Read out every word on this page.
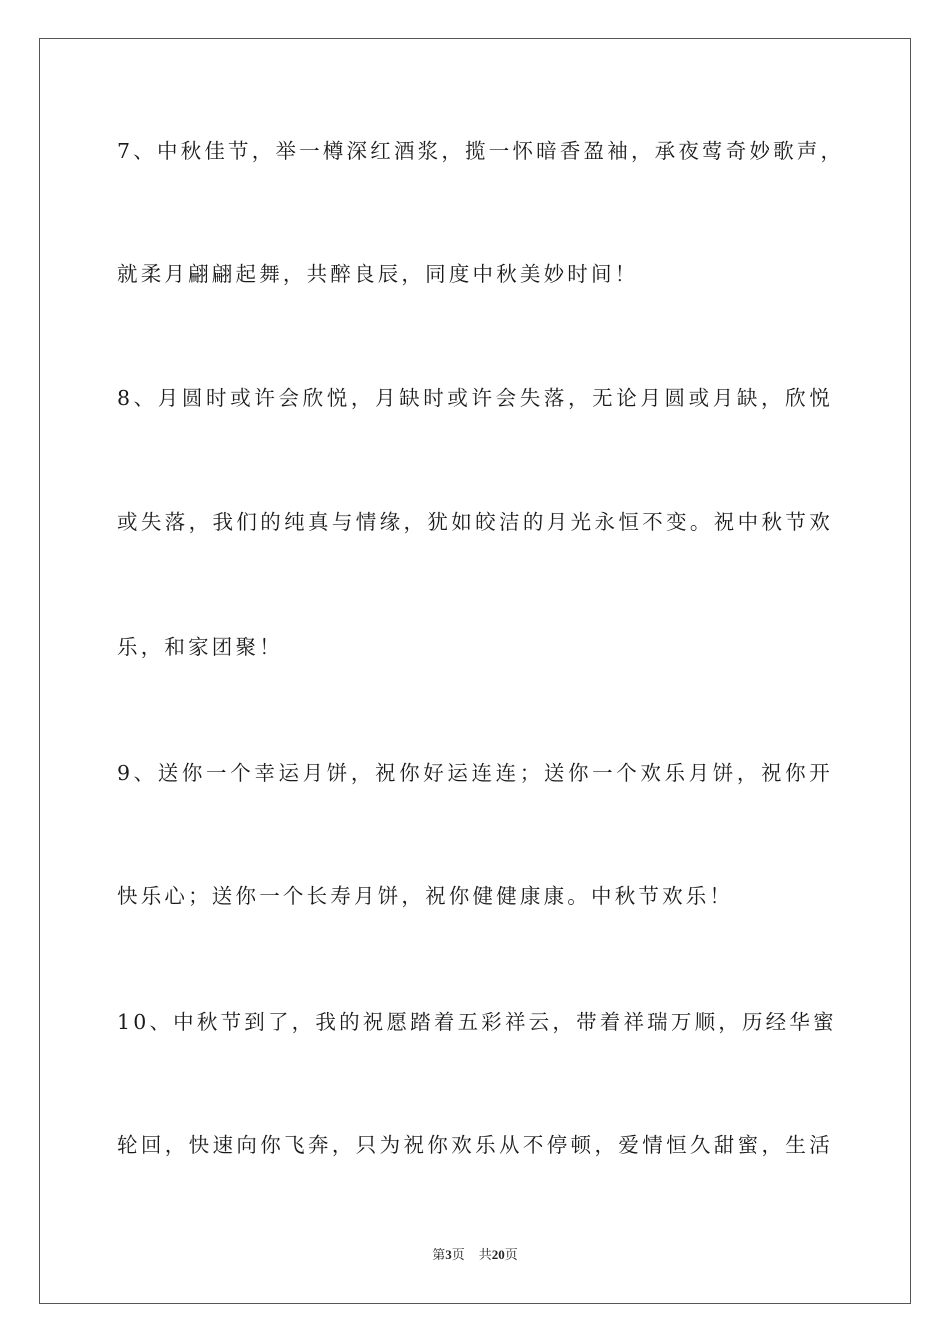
7、中秋佳节，举一樽深红酒浆，揽一怀暗香盈袖，承夜莺奇妙歌声，
就柔月翩翩起舞，共醉良辰，同度中秋美妙时间！
8、月圆时或许会欣悦，月缺时或许会失落，无论月圆或月缺，欣悦
或失落，我们的纯真与情缘，犹如皎洁的月光永恒不变。祝中秋节欢
乐，和家团聚！
9、送你一个幸运月饼，祝你好运连连；送你一个欢乐月饼，祝你开
快乐心；送你一个长寿月饼，祝你健健康康。中秋节欢乐！
10、中秋节到了，我的祝愿踏着五彩祥云，带着祥瑞万顺，历经华蜜
轮回，快速向你飞奔，只为祝你欢乐从不停顿，爱情恒久甜蜜，生活
第3页 共20页
